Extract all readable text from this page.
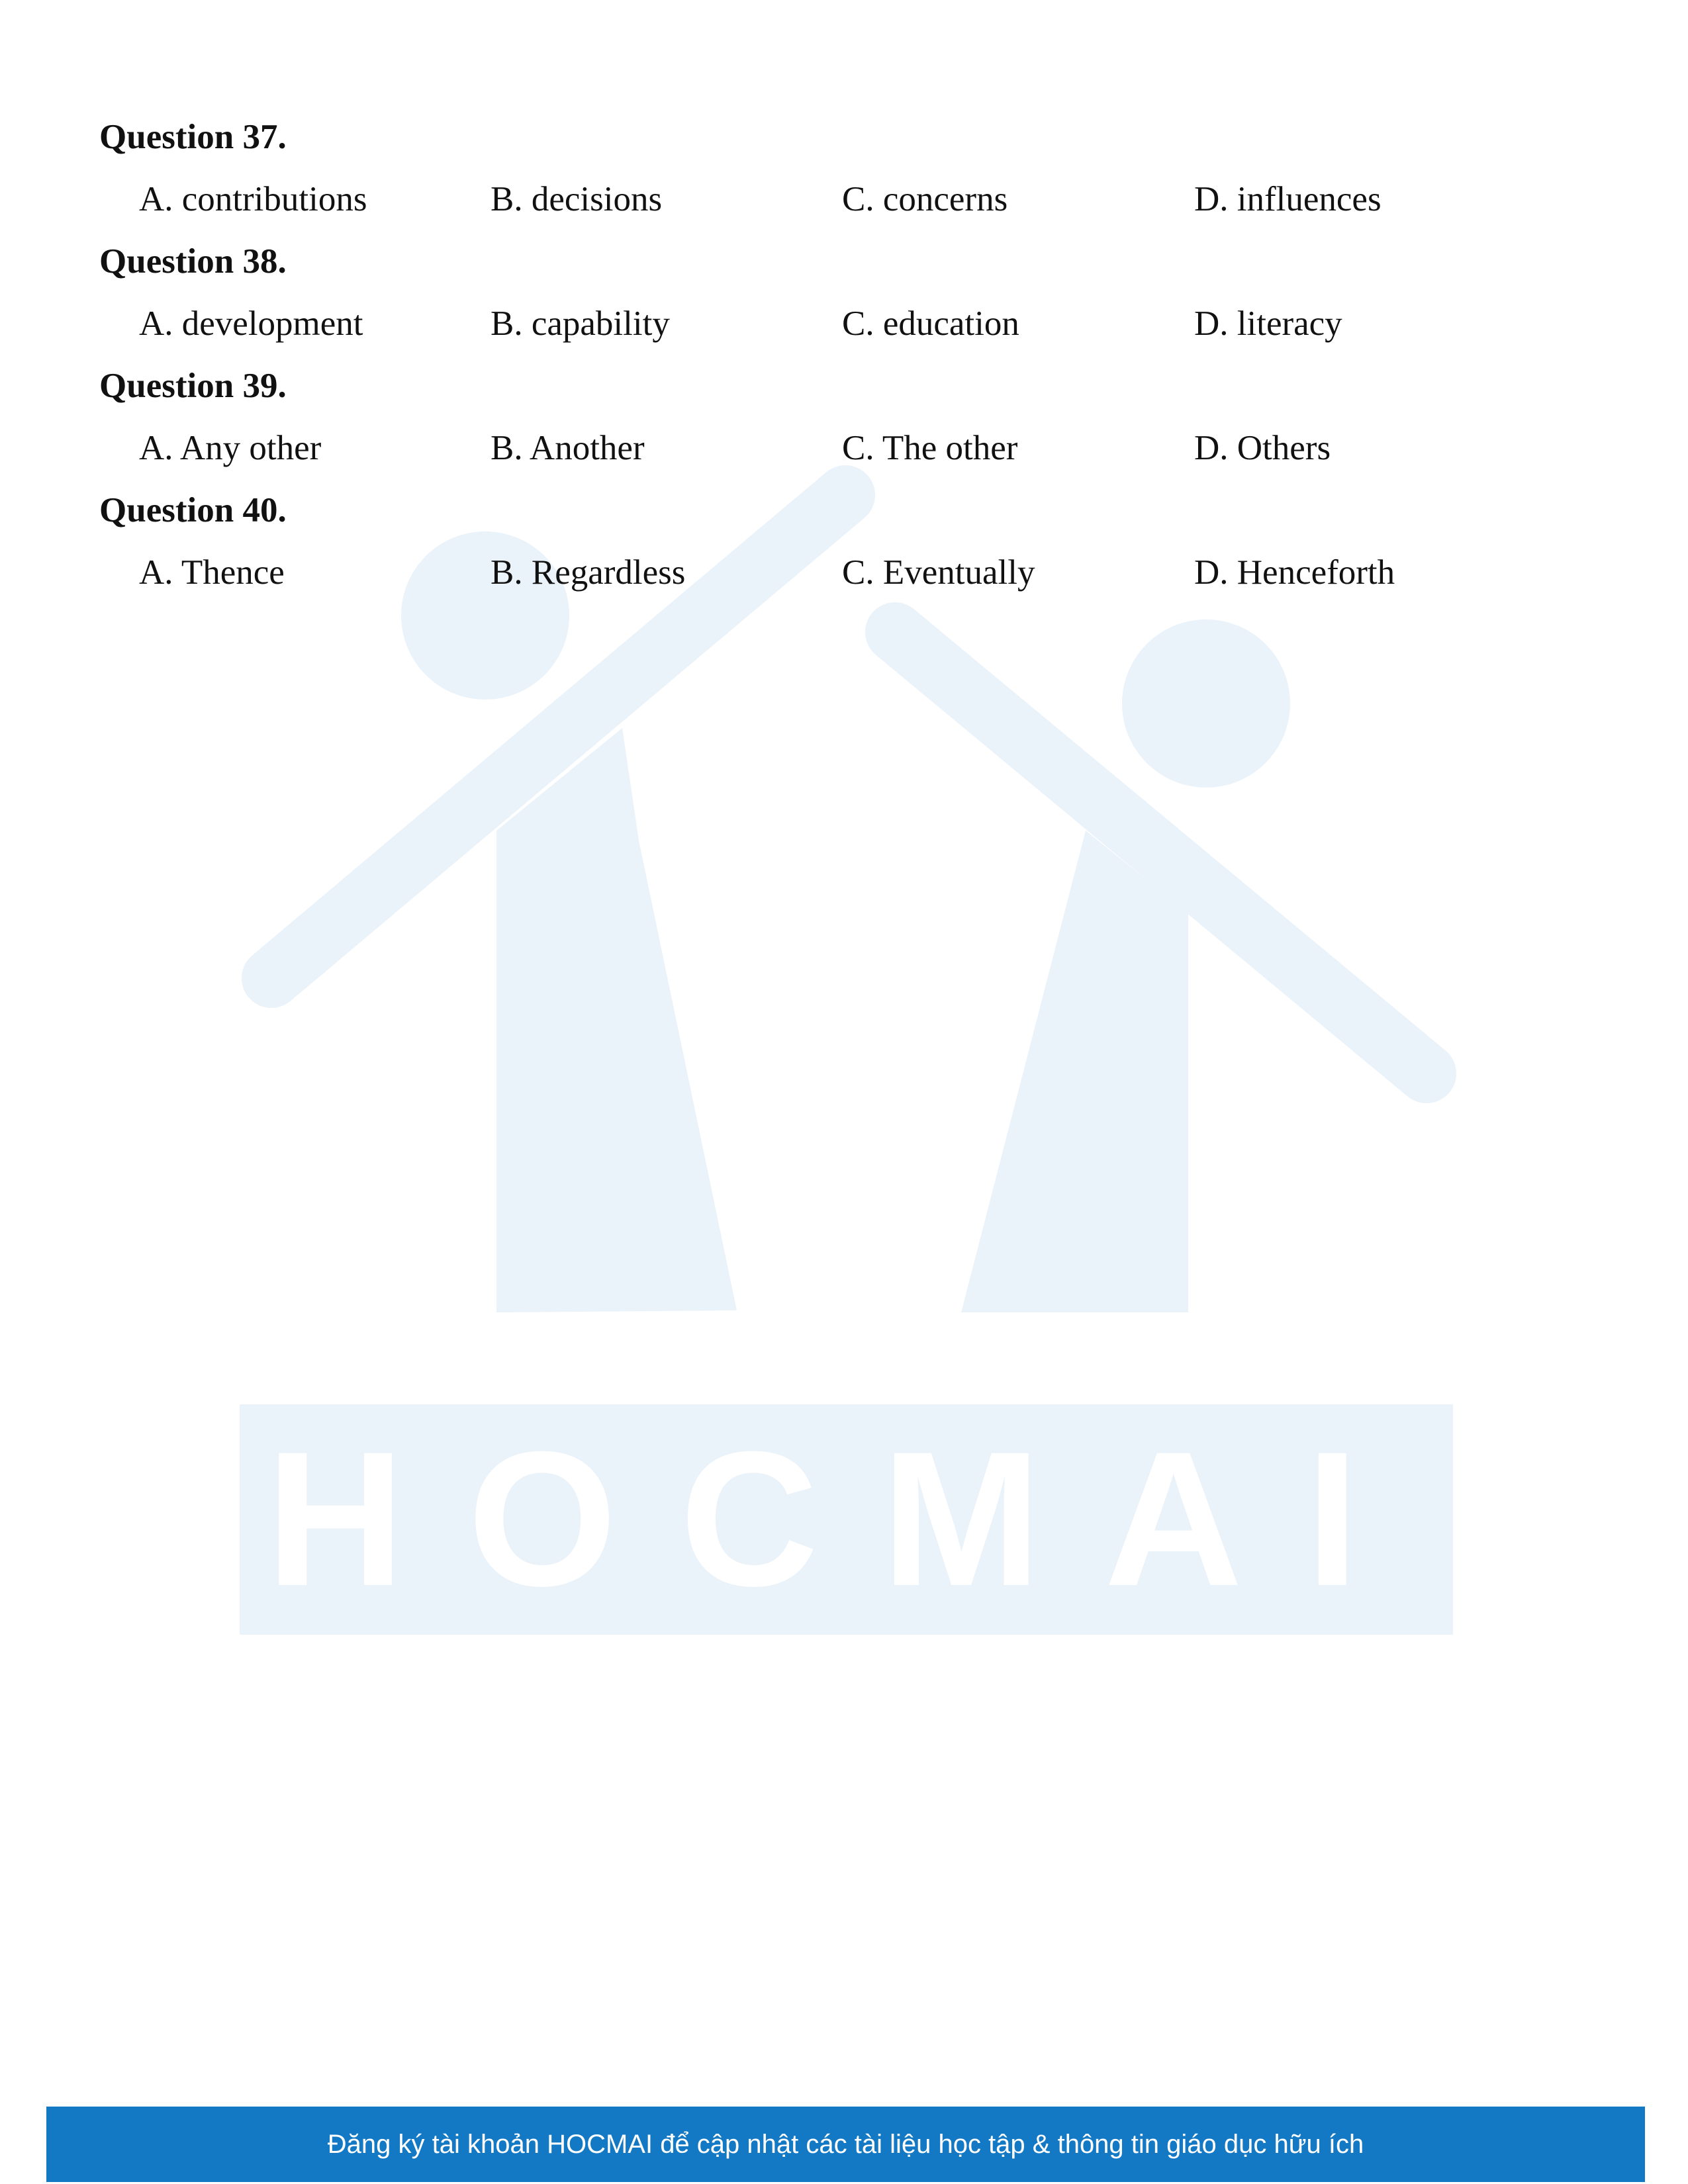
HOCMAI
Question 37.
A. contributions	B. decisions	C. concerns	D. influences
Question 38.
A. development	B. capability	C. education	D. literacy
Question 39.
A. Any other	B. Another	C. The other	D. Others
Question 40.
A. Thence	B. Regardless	C. Eventually	D. Henceforth
Đăng ký tài khoản HOCMAI để cập nhật các tài liệu học tập & thông tin giáo dục hữu ích
